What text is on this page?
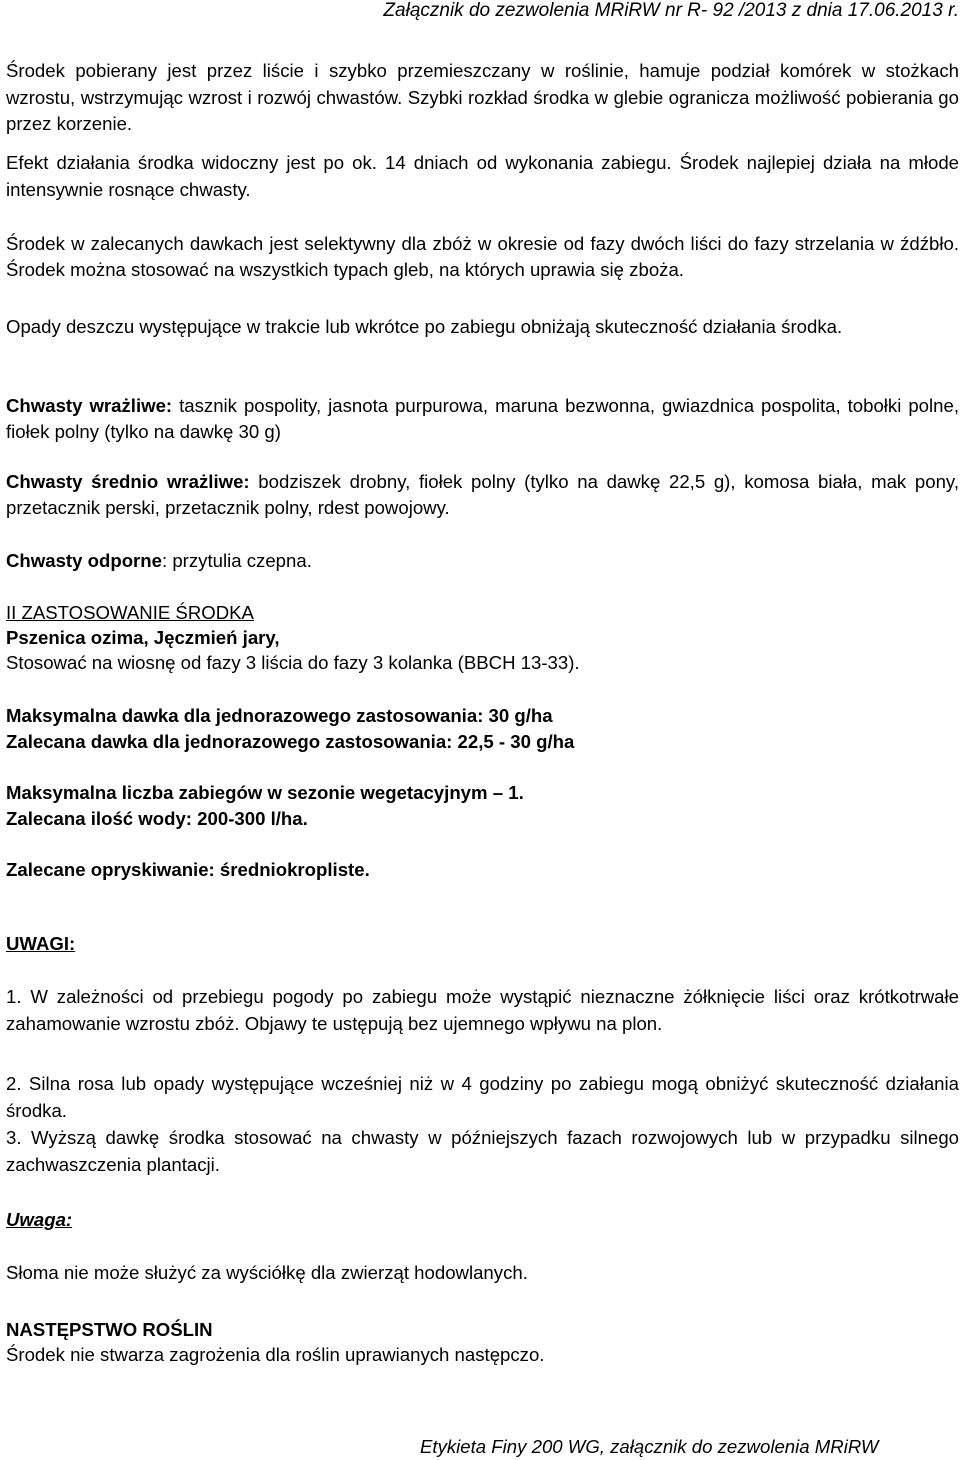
Załącznik do zezwolenia MRiRW nr R- 92 /2013 z dnia 17.06.2013 r.

Środek pobierany jest przez liście i szybko przemieszczany w roślinie, hamuje podział komórek w stożkach wzrostu, wstrzymując wzrost i rozwój chwastów. Szybki rozkład środka w glebie ogranicza możliwość pobierania go przez korzenie.

Efekt działania środka widoczny jest po ok. 14 dniach od wykonania zabiegu. Środek najlepiej działa na młode intensywnie rosnące chwasty.

Środek w zalecanych dawkach jest selektywny dla zbóż w okresie od fazy dwóch liści do fazy strzelania w źdźbło. Środek można stosować na wszystkich typach gleb, na których uprawia się zboża.

Opady deszczu występujące w trakcie lub wkrótce po zabiegu obniżają skuteczność działania środka.

Chwasty wrażliwe: tasznik pospolity, jasnota purpurowa, maruna bezwonna, gwiazdnica pospolita, tobołki polne, fiołek polny (tylko na dawkę 30 g)

Chwasty średnio wrażliwe: bodziszek drobny, fiołek polny (tylko na dawkę 22,5 g), komosa biała, mak pony, przetacznik perski, przetacznik polny, rdest powojowy.

Chwasty odporne: przytulia czepna.

II ZASTOSOWANIE ŚRODKA

Pszenica ozima, Jęczmień jary,

Stosować na wiosnę od fazy 3 liścia do fazy 3 kolanka (BBCH 13-33).

Maksymalna dawka dla jednorazowego zastosowania: 30 g/ha

Zalecana dawka dla jednorazowego zastosowania: 22,5 - 30 g/ha

Maksymalna liczba zabiegów w sezonie wegetacyjnym – 1.

Zalecana ilość wody: 200-300 l/ha.

Zalecane opryskiwanie: średniokropliste.

UWAGI:

1. W zależności od przebiegu pogody po zabiegu może wystąpić nieznaczne żółknięcie liści oraz krótkotrwałe zahamowanie wzrostu zbóż. Objawy te ustępują bez ujemnego wpływu na plon.

2. Silna rosa lub opady występujące wcześniej niż w 4 godziny po zabiegu mogą obniżyć skuteczność działania środka.

3. Wyższą dawkę środka stosować na chwasty w późniejszych fazach rozwojowych lub w przypadku silnego zachwaszczenia plantacji.

Uwaga:

Słoma nie może służyć za wyściółkę dla zwierząt hodowlanych.

NASTĘPSTWO ROŚLIN

Środek nie stwarza zagrożenia dla roślin uprawianych następczo.

Etykieta Finy 200 WG, załącznik do zezwolenia MRiRW
